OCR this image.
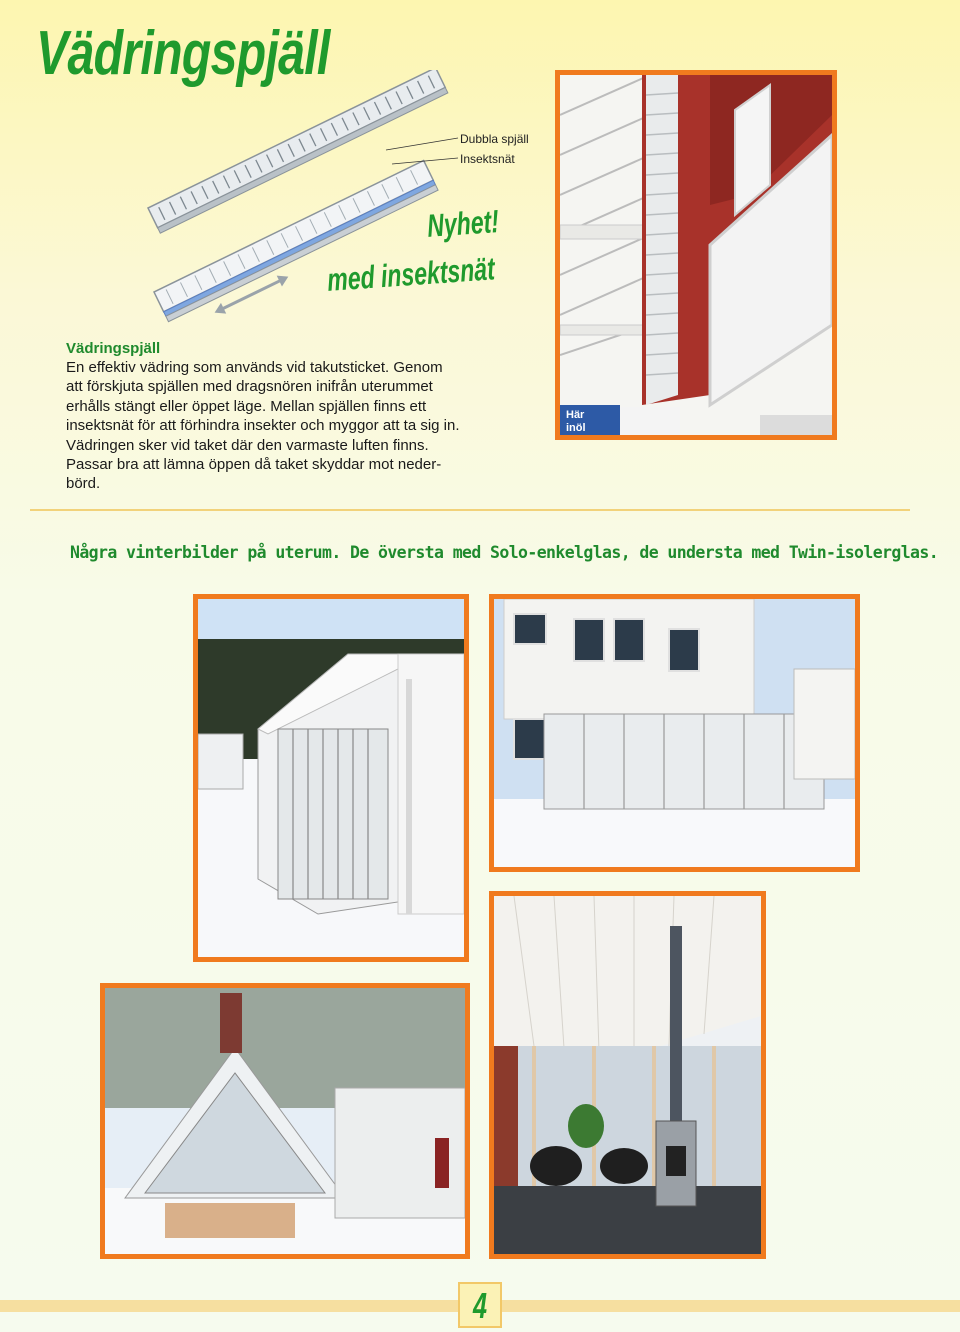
Vädringspjäll
Dubbla spjäll
Insektsnät
Nyhet!
med insektsnät
Vädringspjäll

En effektiv vädring som används vid takutsticket. Genom
att förskjuta spjällen med dragsnören inifrån uterummet
erhålls stängt eller öppet läge. Mellan spjällen finns ett
insektsnät för att förhindra insekter och myggor att ta sig in.
Vädringen sker vid taket där den varmaste luften finns.
Passar bra att lämna öppen då taket skyddar mot neder-
börd.

Här
inöl
Några vinterbilder på uterum. De översta med Solo-enkelglas, de understa med Twin-isolerglas.
4
